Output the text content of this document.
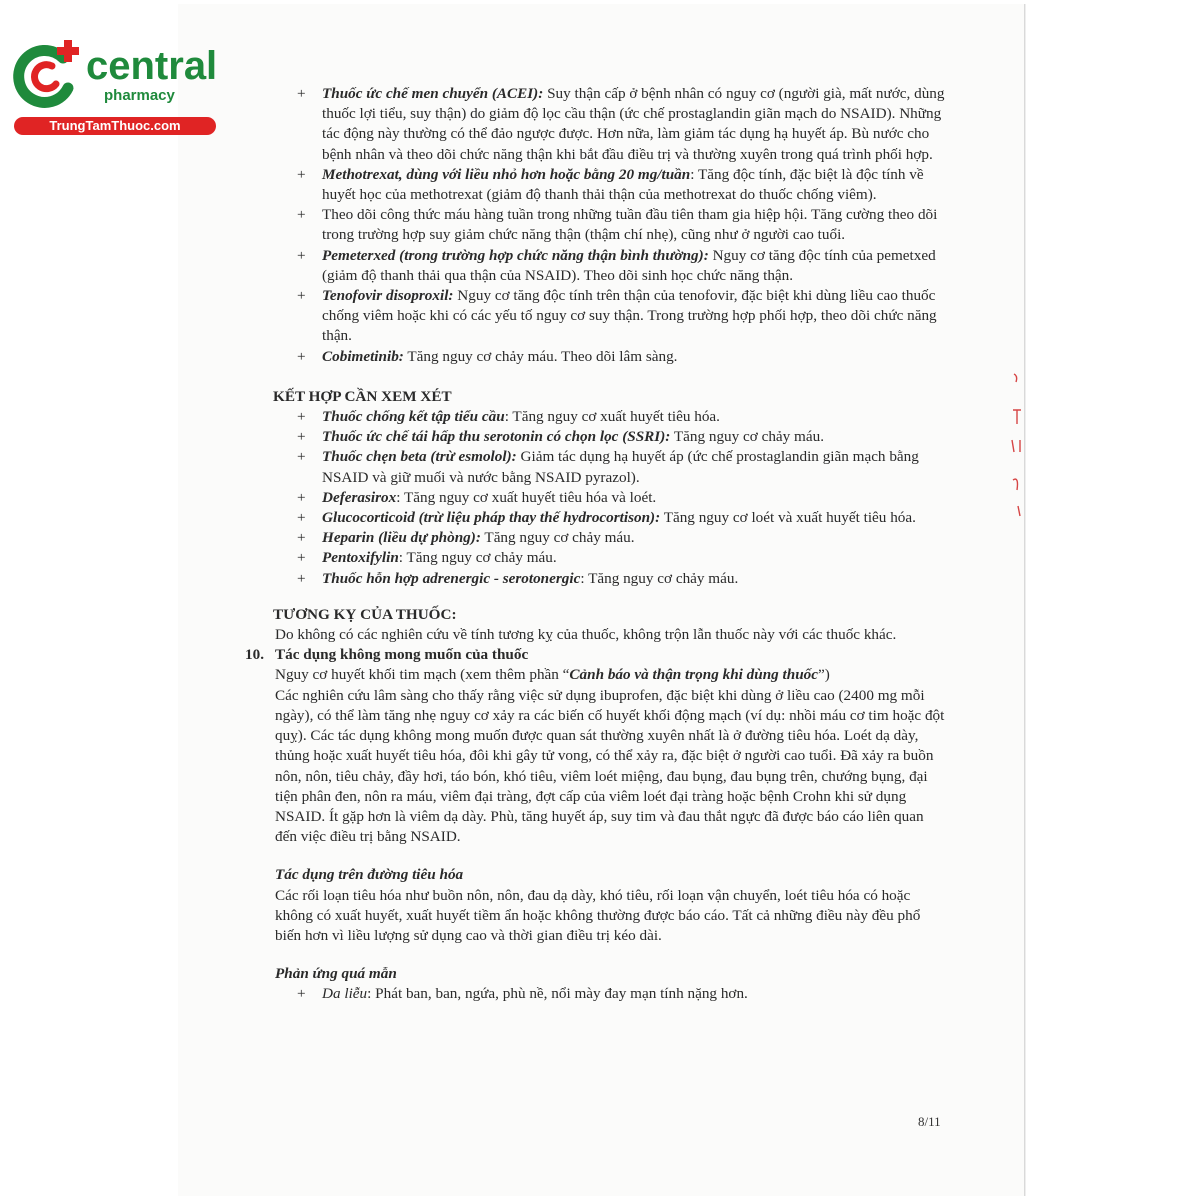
central
pharmacy
TrungTamThuoc.com

+ Thuốc ức chế men chuyển (ACEI): Suy thận cấp ở bệnh nhân có nguy cơ (người già, mất nước, dùng thuốc lợi tiểu, suy thận) do giảm độ lọc cầu thận (ức chế prostaglandin giãn mạch do NSAID). Những tác động này thường có thể đảo ngược được. Hơn nữa, làm giảm tác dụng hạ huyết áp. Bù nước cho bệnh nhân và theo dõi chức năng thận khi bắt đầu điều trị và thường xuyên trong quá trình phối hợp.

+ Methotrexat, dùng với liều nhỏ hơn hoặc bằng 20 mg/tuần: Tăng độc tính, đặc biệt là độc tính về huyết học của methotrexat (giảm độ thanh thải thận của methotrexat do thuốc chống viêm).

+ Theo dõi công thức máu hàng tuần trong những tuần đầu tiên tham gia hiệp hội. Tăng cường theo dõi trong trường hợp suy giảm chức năng thận (thậm chí nhẹ), cũng như ở người cao tuổi.

+ Pemeterxed (trong trường hợp chức năng thận bình thường): Nguy cơ tăng độc tính của pemetxed (giảm độ thanh thải qua thận của NSAID). Theo dõi sinh học chức năng thận.

+ Tenofovir disoproxil: Nguy cơ tăng độc tính trên thận của tenofovir, đặc biệt khi dùng liều cao thuốc chống viêm hoặc khi có các yếu tố nguy cơ suy thận. Trong trường hợp phối hợp, theo dõi chức năng thận.

+ Cobimetinib: Tăng nguy cơ chảy máu. Theo dõi lâm sàng.

KẾT HỢP CẦN XEM XÉT

+ Thuốc chống kết tập tiểu cầu: Tăng nguy cơ xuất huyết tiêu hóa.

+ Thuốc ức chế tái hấp thu serotonin có chọn lọc (SSRI): Tăng nguy cơ chảy máu.

+ Thuốc chẹn beta (trừ esmolol): Giảm tác dụng hạ huyết áp (ức chế prostaglandin giãn mạch bằng NSAID và giữ muối và nước bằng NSAID pyrazol).

+ Deferasirox: Tăng nguy cơ xuất huyết tiêu hóa và loét.

+ Glucocorticoid (trừ liệu pháp thay thế hydrocortison): Tăng nguy cơ loét và xuất huyết tiêu hóa.

+ Heparin (liều dự phòng): Tăng nguy cơ chảy máu.

+ Pentoxifylin: Tăng nguy cơ chảy máu.

+ Thuốc hỗn hợp adrenergic - serotonergic: Tăng nguy cơ chảy máu.

TƯƠNG KỴ CỦA THUỐC:

Do không có các nghiên cứu về tính tương kỵ của thuốc, không trộn lẫn thuốc này với các thuốc khác.

10. Tác dụng không mong muốn của thuốc

Nguy cơ huyết khối tim mạch (xem thêm phần “Cảnh báo và thận trọng khi dùng thuốc”)

Các nghiên cứu lâm sàng cho thấy rằng việc sử dụng ibuprofen, đặc biệt khi dùng ở liều cao (2400 mg mỗi ngày), có thể làm tăng nhẹ nguy cơ xảy ra các biến cố huyết khối động mạch (ví dụ: nhồi máu cơ tim hoặc đột quỵ). Các tác dụng không mong muốn được quan sát thường xuyên nhất là ở đường tiêu hóa. Loét dạ dày, thủng hoặc xuất huyết tiêu hóa, đôi khi gây tử vong, có thể xảy ra, đặc biệt ở người cao tuổi. Đã xảy ra buồn nôn, nôn, tiêu chảy, đầy hơi, táo bón, khó tiêu, viêm loét miệng, đau bụng, đau bụng trên, chướng bụng, đại tiện phân đen, nôn ra máu, viêm đại tràng, đợt cấp của viêm loét đại tràng hoặc bệnh Crohn khi sử dụng NSAID. Ít gặp hơn là viêm dạ dày. Phù, tăng huyết áp, suy tim và đau thắt ngực đã được báo cáo liên quan đến việc điều trị bằng NSAID.

Tác dụng trên đường tiêu hóa

Các rối loạn tiêu hóa như buồn nôn, nôn, đau dạ dày, khó tiêu, rối loạn vận chuyển, loét tiêu hóa có hoặc không có xuất huyết, xuất huyết tiềm ẩn hoặc không thường được báo cáo. Tất cả những điều này đều phổ biến hơn vì liều lượng sử dụng cao và thời gian điều trị kéo dài.

Phản ứng quá mẫn

+ Da liễu: Phát ban, ban, ngứa, phù nề, nổi mày đay mạn tính nặng hơn.

8/11
